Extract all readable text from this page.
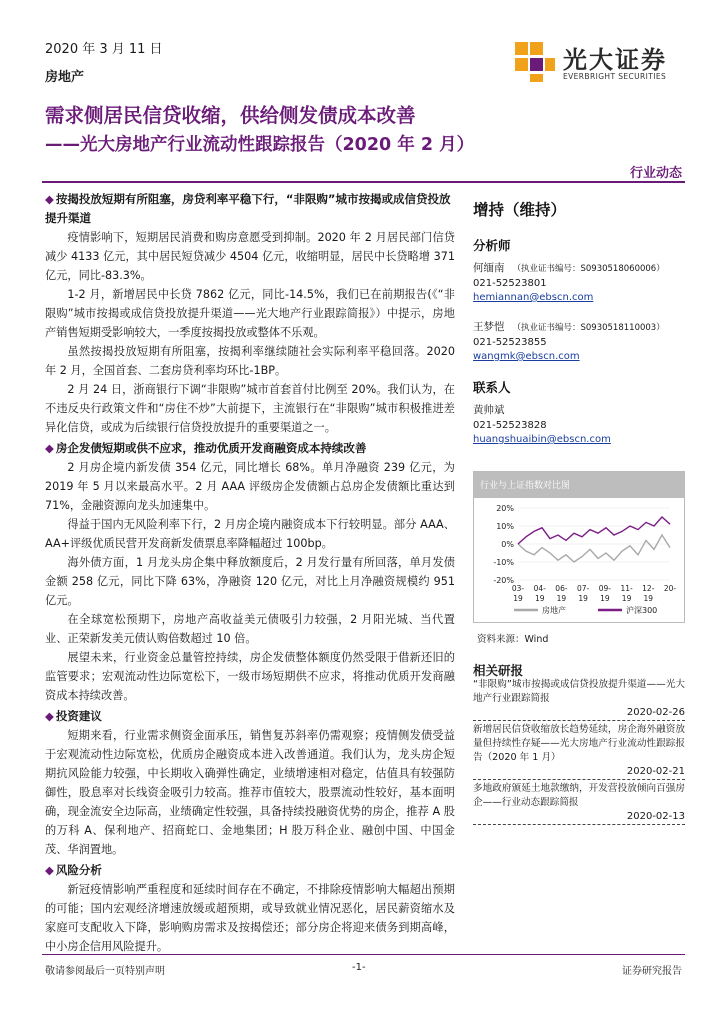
2020 年 3 月 11 日
房地产
光大证券
EVERBRIGHT SECURITIES
需求侧居民信贷收缩，供给侧发债成本改善
——光大房地产行业流动性跟踪报告（2020 年 2 月）
行业动态
◆ 按揭投放短期有所阻塞，房贷利率平稳下行，“非限购”城市按揭或成信贷投放提升渠道

疫情影响下，短期居民消费和购房意愿受到抑制。2020 年 2 月居民部门信贷减少 4133 亿元，其中居民短贷减少 4504 亿元，收缩明显，居民中长贷略增 371 亿元，同比-83.3%。

1-2 月，新增居民中长贷 7862 亿元，同比-14.5%，我们已在前期报告(《“非限购”城市按揭或成信贷投放提升渠道——光大地产行业跟踪简报》）中提示，房地产销售短期受影响较大，一季度按揭投放或整体不乐观。

虽然按揭投放短期有所阻塞，按揭利率继续随社会实际利率平稳回落。2020 年 2 月，全国首套、二套房贷利率均环比-1BP。

2 月 24 日，浙商银行下调“非限购”城市首套首付比例至 20%。我们认为，在不违反央行政策文件和“房住不炒”大前提下，主流银行在“非限购”城市积极推进差异化信贷，或成为后续银行信贷投放提升的重要渠道之一。

◆ 房企发债短期或供不应求，推动优质开发商融资成本持续改善

2 月房企境内新发债 354 亿元，同比增长 68%。单月净融资 239 亿元，为 2019 年 5 月以来最高水平。2 月 AAA 评级房企发债额占总房企发债额比重达到 71%，金融资源向龙头加速集中。

得益于国内无风险利率下行，2 月房企境内融资成本下行较明显。部分 AAA、AA+评级优质民营开发商新发债票息率降幅超过 100bp。

海外债方面，1 月龙头房企集中释放额度后，2 月发行量有所回落，单月发债金额 258 亿元，同比下降 63%，净融资 120 亿元，对比上月净融资规模约 951 亿元。

在全球宽松预期下，房地产高收益美元债吸引力较强，2 月阳光城、当代置业、正荣新发美元债认购倍数超过 10 倍。

展望未来，行业资金总量管控持续，房企发债整体额度仍然受限于借新还旧的监管要求；宏观流动性边际宽松下，一级市场短期供不应求，将推动优质开发商融资成本持续改善。

◆ 投资建议

短期来看，行业需求侧资金面承压，销售复苏斜率仍需观察；疫情侧发债受益于宏观流动性边际宽松，优质房企融资成本进入改善通道。我们认为，龙头房企短期抗风险能力较强，中长期收入确弹性确定，业绩增速相对稳定，估值具有较强防御性，股息率对长线资金吸引力较高。推荐市值较大，股票流动性较好，基本面明确，现金流安全边际高，业绩确定性较强，具备持续投融资优势的房企，推荐 A 股的万科 A、保利地产、招商蛇口、金地集团；H 股万科企业、融创中国、中国金茂、华润置地。

◆ 风险分析

新冠疫情影响严重程度和延续时间存在不确定，不排除疫情影响大幅超出预期的可能；国内宏观经济增速放缓或超预期，或导致就业情况恶化，居民薪资缩水及家庭可支配收入下降，影响购房需求及按揭偿还；部分房企将迎来债务到期高峰，中小房企信用风险提升。

增持（维持）
分析师
何缅南 （执业证书编号：S0930518060006）
021-52523801
hemiannan@ebscn.com
王梦恺 （执业证书编号：S0930518110003）
021-52523855
wangmk@ebscn.com
联系人
黄帅斌
021-52523828
huangshuaibin@ebscn.com
行业与上证指数对比图
20%
10%
0%
-10%
-20%
03-
19
04-
19
06-
19
07-
19
09-
19
11-
19
12-
19
20-
房地产	沪深300
资料来源：Wind
相关研报
“非限购”城市按揭或成信贷投放提升渠道——光大地产行业跟踪简报
2020-02-26
新增居民信贷收缩放长趋势延续，房企海外融资放量但持续性存疑——光大房地产行业流动性跟踪报告（2020 年 1 月）
2020-02-21
多地政府颁延土地款缴纳，开发营投放倾向百强房企——行业动态跟踪简报
2020-02-13
敬请参阅最后一页特别声明	-1-	证券研究报告
